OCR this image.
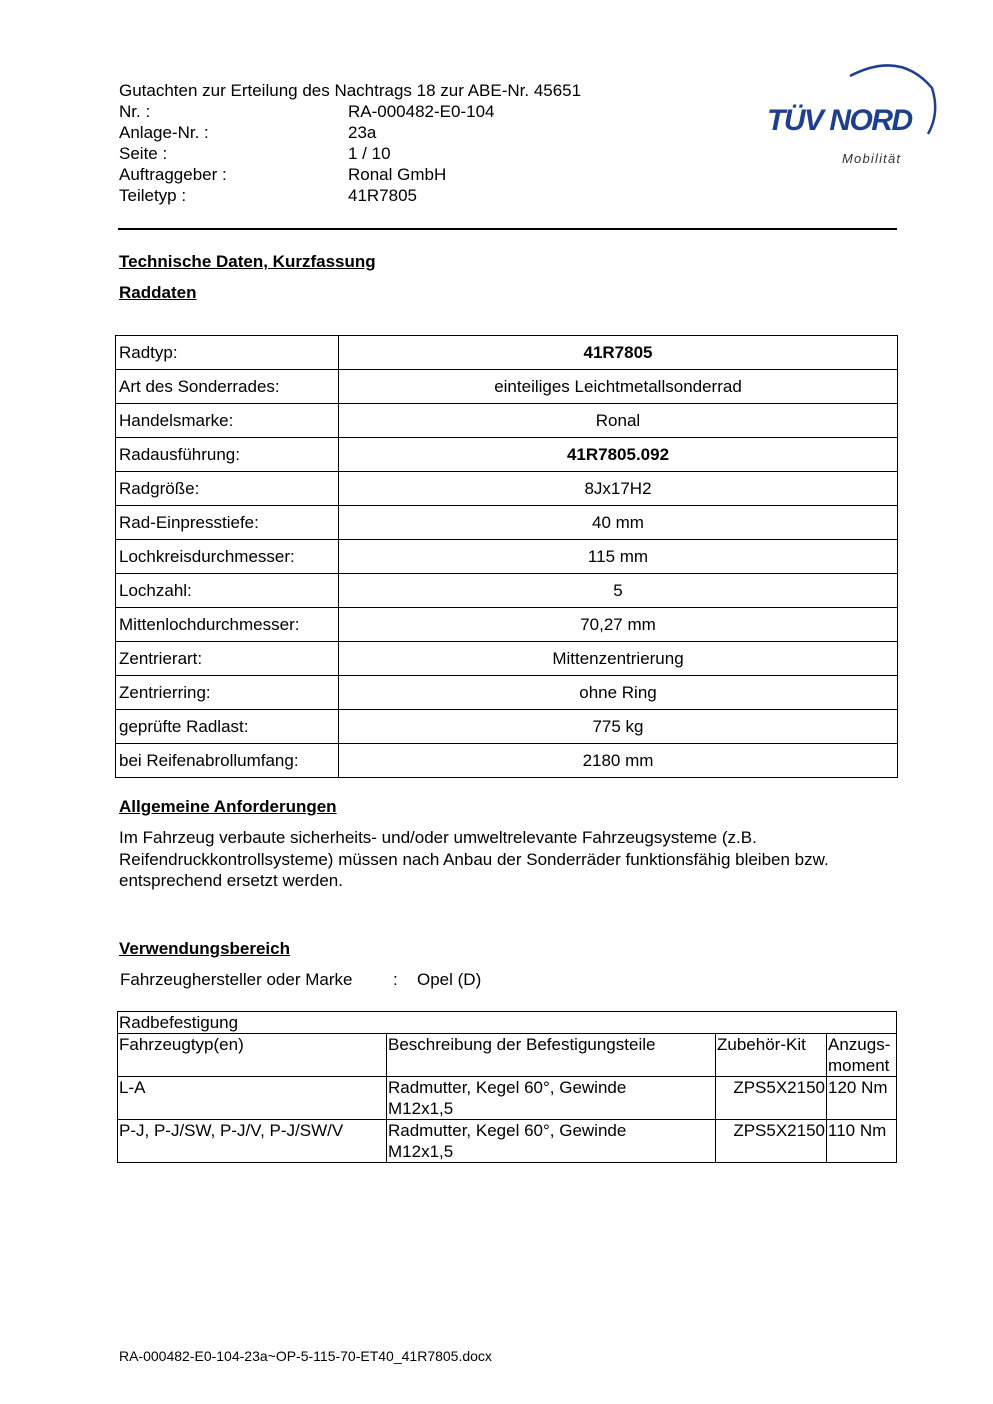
Gutachten zur Erteilung des Nachtrags 18 zur ABE-Nr. 45651
Nr. :	RA-000482-E0-104
Anlage-Nr. :	23a
Seite :	1 / 10
Auftraggeber :	Ronal GmbH
Teiletyp :	41R7805
TÜV NORD
Mobilität
Technische Daten, Kurzfassung
Raddaten
Radtyp:	41R7805
Art des Sonderrades:	einteiliges Leichtmetallsonderrad
Handelsmarke:	Ronal
Radausführung:	41R7805.092
Radgröße:	8Jx17H2
Rad-Einpresstiefe:	40 mm
Lochkreisdurchmesser:	115 mm
Lochzahl:	5
Mittenlochdurchmesser:	70,27 mm
Zentrierart:	Mittenzentrierung
Zentrierring:	ohne Ring
geprüfte Radlast:	775 kg
bei Reifenabrollumfang:	2180 mm
Allgemeine Anforderungen
Im Fahrzeug verbaute sicherheits- und/oder umweltrelevante Fahrzeugsysteme (z.B.
Reifendruckkontrollsysteme) müssen nach Anbau der Sonderräder funktionsfähig bleiben bzw.
entsprechend ersetzt werden.
Verwendungsbereich
Fahrzeughersteller oder Marke : Opel (D)
Radbefestigung			
Fahrzeugtyp(en)	Beschreibung der Befestigungsteile	Zubehör-Kit	Anzugs-
moment
L-A	Radmutter, Kegel 60°, Gewinde
M12x1,5	ZPS5X2150	120 Nm
P-J, P-J/SW, P-J/V, P-J/SW/V	Radmutter, Kegel 60°, Gewinde
M12x1,5	ZPS5X2150	110 Nm
RA-000482-E0-104-23a~OP-5-115-70-ET40_41R7805.docx
